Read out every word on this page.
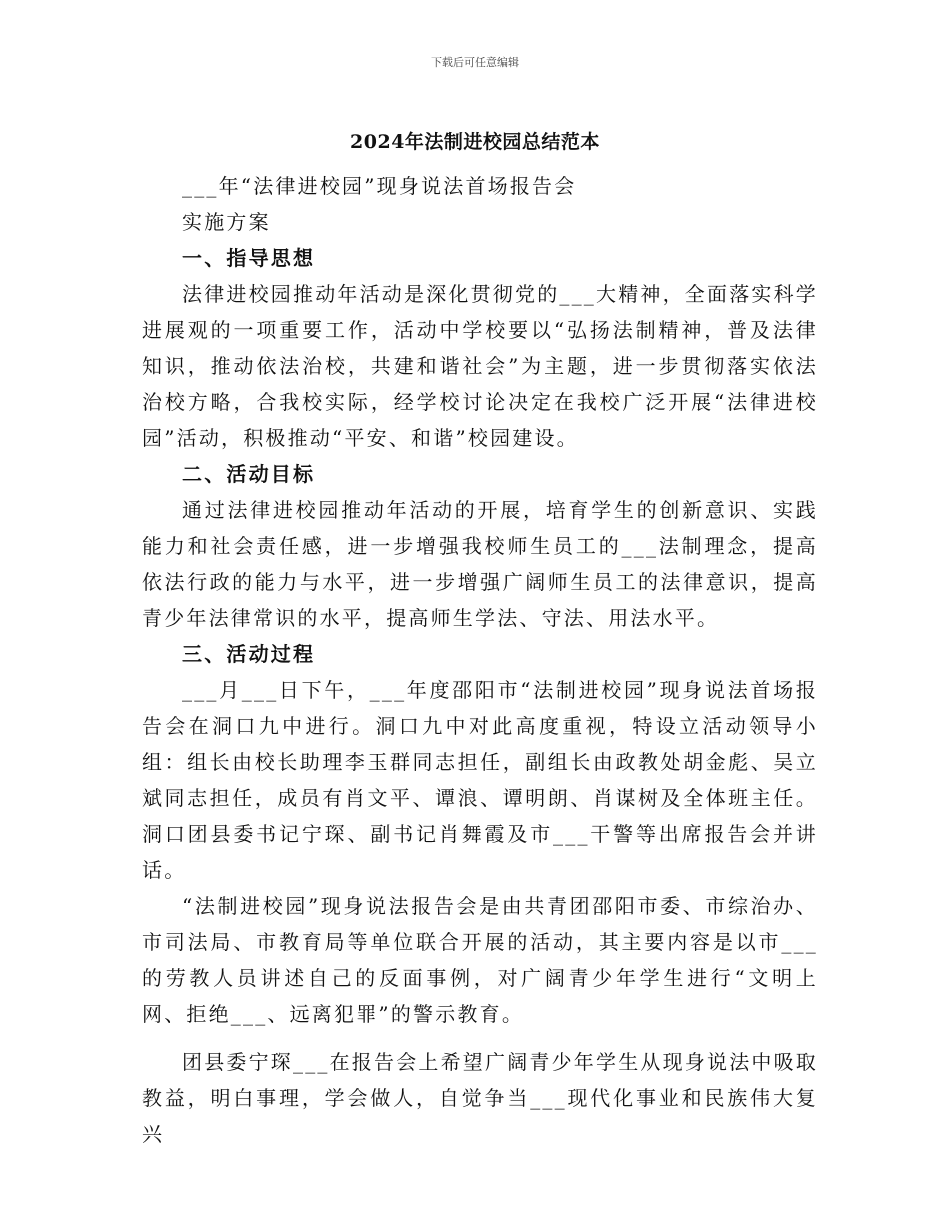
下载后可任意编辑
2024年法制进校园总结范本

___年“法律进校园”现身说法首场报告会

实施方案

一、指导思想

法律进校园推动年活动是深化贯彻党的___大精神，全面落实科学进展观的一项重要工作，活动中学校要以“弘扬法制精神，普及法律知识，推动依法治校，共建和谐社会”为主题，进一步贯彻落实依法治校方略，合我校实际，经学校讨论决定在我校广泛开展“法律进校园”活动，积极推动“平安、和谐”校园建设。

二、活动目标

通过法律进校园推动年活动的开展，培育学生的创新意识、实践能力和社会责任感，进一步增强我校师生员工的___法制理念，提高依法行政的能力与水平，进一步增强广阔师生员工的法律意识，提高青少年法律常识的水平，提高师生学法、守法、用法水平。

三、活动过程

___月___日下午，___年度邵阳市“法制进校园”现身说法首场报告会在洞口九中进行。洞口九中对此高度重视，特设立活动领导小组：组长由校长助理李玉群同志担任，副组长由政教处胡金彪、吴立斌同志担任，成员有肖文平、谭浪、谭明朗、肖谋树及全体班主任。洞口团县委书记宁琛、副书记肖舞霞及市___干警等出席报告会并讲话。

“法制进校园”现身说法报告会是由共青团邵阳市委、市综治办、市司法局、市教育局等单位联合开展的活动，其主要内容是以市___的劳教人员讲述自己的反面事例，对广阔青少年学生进行“文明上网、拒绝___、远离犯罪”的警示教育。

团县委宁琛___在报告会上希望广阔青少年学生从现身说法中吸取教益，明白事理，学会做人，自觉争当___现代化事业和民族伟大复兴
